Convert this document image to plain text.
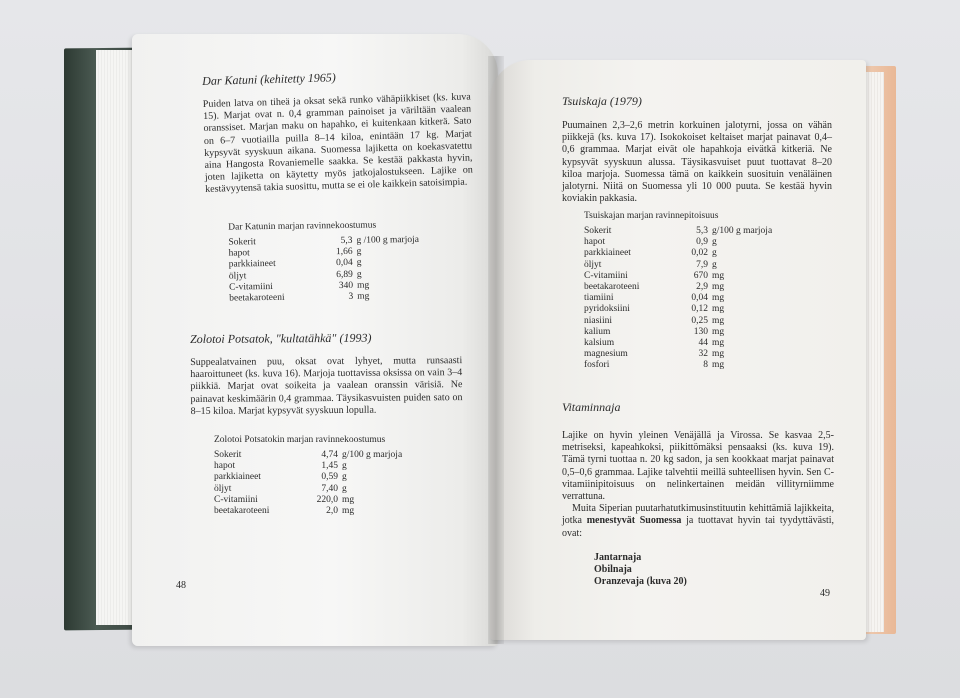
Dar Katuni (kehitetty 1965)
Puiden latva on tiheä ja oksat sekä runko vähäpiikkiset (ks. kuva 15). Marjat ovat n. 0,4 gramman painoiset ja väriltään vaalean oranssiset. Marjan maku on hapahko, ei kuitenkaan kitkerä. Sato on 6–7 vuotiailla puilla 8–14 kiloa, enintään 17 kg. Marjat kypsyvät syyskuun aikana. Suomessa lajiketta on koekasvatettu aina Hangosta Rovaniemelle saakka. Se kestää pakkasta hyvin, joten lajiketta on käytetty myös jatkojalostukseen. Lajike on kestävyytensä takia suosittu, mutta se ei ole kaikkein satoisimpia.
Dar Katunin marjan ravinnekoostumus
Sokerit	5,3	g /100 g marjoja
hapot	1,66	g
parkkiaineet	0,04	g
öljyt	6,89	g
C-vitamiini	340	mg
beetakaroteeni	3	mg
Zolotoi Potsatok, "kultatähkä" (1993)
Suppealatvainen puu, oksat ovat lyhyet, mutta runsaasti haaroittuneet (ks. kuva 16). Marjoja tuottavissa oksissa on vain 3–4 piikkiä. Marjat ovat soikeita ja vaalean oranssin värisiä. Ne painavat keskimäärin 0,4 grammaa. Täysikasvuisten puiden sato on 8–15 kiloa. Marjat kypsyvät syyskuun lopulla.
Zolotoi Potsatokin marjan ravinnekoostumus
Sokerit	4,74	g/100 g marjoja
hapot	1,45	g
parkkiaineet	0,59	g
öljyt	7,40	g
C-vitamiini	220,0	mg
beetakaroteeni	2,0	mg
48
Tsuiskaja (1979)
Puumainen 2,3–2,6 metrin korkuinen jalotyrni, jossa on vähän piikkejä (ks. kuva 17). Isokokoiset keltaiset marjat painavat 0,4–0,6 grammaa. Marjat eivät ole hapahkoja eivätkä kitkeriä. Ne kypsyvät syyskuun alussa. Täysikasvuiset puut tuottavat 8–20 kiloa marjoja. Suomessa tämä on kaikkein suosituin venäläinen jalotyrni. Niitä on Suomessa yli 10 000 puuta. Se kestää hyvin koviakin pakkasia.
Tsuiskajan marjan ravinnepitoisuus
Sokerit	5,3	g/100 g marjoja
hapot	0,9	g
parkkiaineet	0,02	g
öljyt	7,9	g
C-vitamiini	670	mg
beetakaroteeni	2,9	mg
tiamiini	0,04	mg
pyridoksiini	0,12	mg
niasiini	0,25	mg
kalium	130	mg
kalsium	44	mg
magnesium	32	mg
fosfori	8	mg
Vitaminnaja
Lajike on hyvin yleinen Venäjällä ja Virossa. Se kasvaa 2,5-metriseksi, kapeahkoksi, piikittömäksi pensaaksi (ks. kuva 19). Tämä tyrni tuottaa n. 20 kg sadon, ja sen kookkaat marjat painavat 0,5–0,6 grammaa. Lajike talvehtii meillä suhteellisen hyvin. Sen C-vitamiinipitoisuus on nelinkertainen meidän villityrniimme verrattuna.
Muita Siperian puutarhatutkimusinstituutin kehittämiä lajikkeita, jotka menestyvät Suomessa ja tuottavat hyvin tai tyydyttävästi, ovat:
Jantarnaja
Obilnaja
Oranzevaja (kuva 20)
49
